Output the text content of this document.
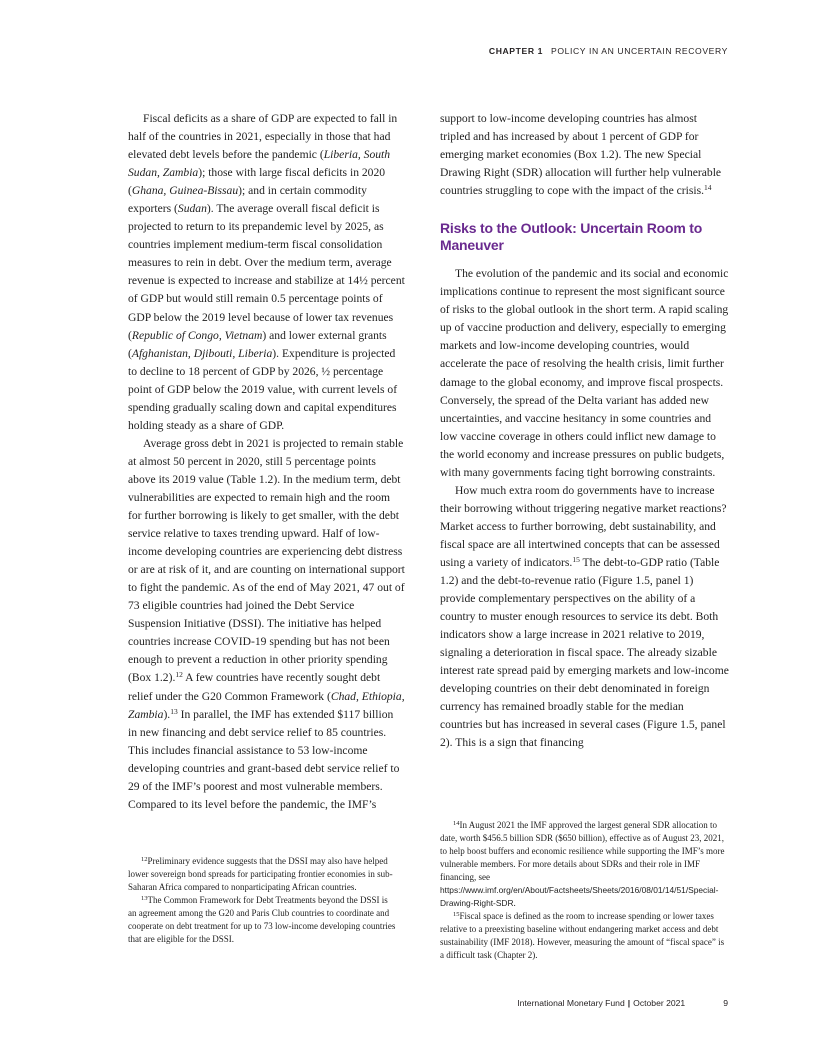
CHAPTER 1 POLICY IN AN UNCERTAIN RECOVERY

Fiscal deficits as a share of GDP are expected to fall in half of the countries in 2021, especially in those that had elevated debt levels before the pandemic (Liberia, South Sudan, Zambia); those with large fiscal deficits in 2020 (Ghana, Guinea-Bissau); and in certain commodity exporters (Sudan). The average overall fiscal deficit is projected to return to its prepandemic level by 2025, as countries implement medium-term fiscal consolidation measures to rein in debt. Over the medium term, average revenue is expected to increase and stabilize at 14½ percent of GDP but would still remain 0.5 percentage points of GDP below the 2019 level because of lower tax revenues (Republic of Congo, Vietnam) and lower external grants (Afghanistan, Djibouti, Liberia). Expenditure is projected to decline to 18 percent of GDP by 2026, ½ percentage point of GDP below the 2019 value, with current levels of spending gradually scaling down and capital expenditures holding steady as a share of GDP.

Average gross debt in 2021 is projected to remain stable at almost 50 percent in 2020, still 5 percentage points above its 2019 value (Table 1.2). In the medium term, debt vulnerabilities are expected to remain high and the room for further borrowing is likely to get smaller, with the debt service relative to taxes trending upward. Half of low-income developing countries are experiencing debt distress or are at risk of it, and are counting on international support to fight the pandemic. As of the end of May 2021, 47 out of 73 eligible countries had joined the Debt Service Suspension Initiative (DSSI). The initiative has helped countries increase COVID-19 spending but has not been enough to prevent a reduction in other priority spending (Box 1.2).$^{12}$ A few countries have recently sought debt relief under the G20 Common Framework (Chad, Ethiopia, Zambia).$^{13}$ In parallel, the IMF has extended $117 billion in new financing and debt service relief to 85 countries. This includes financial assistance to 53 low-income developing countries and grant-based debt service relief to 29 of the IMF’s poorest and most vulnerable members. Compared to its level before the pandemic, the IMF’s

support to low-income developing countries has almost tripled and has increased by about 1 percent of GDP for emerging market economies (Box 1.2). The new Special Drawing Right (SDR) allocation will further help vulnerable countries struggling to cope with the impact of the crisis.$^{14}$

Risks to the Outlook: Uncertain Room to Maneuver

The evolution of the pandemic and its social and economic implications continue to represent the most significant source of risks to the global outlook in the short term. A rapid scaling up of vaccine production and delivery, especially to emerging markets and low-income developing countries, would accelerate the pace of resolving the health crisis, limit further damage to the global economy, and improve fiscal prospects. Conversely, the spread of the Delta variant has added new uncertainties, and vaccine hesitancy in some countries and low vaccine coverage in others could inflict new damage to the world economy and increase pressures on public budgets, with many governments facing tight borrowing constraints.

How much extra room do governments have to increase their borrowing without triggering negative market reactions? Market access to further borrowing, debt sustainability, and fiscal space are all intertwined concepts that can be assessed using a variety of indicators.$^{15}$ The debt-to-GDP ratio (Table 1.2) and the debt-to-revenue ratio (Figure 1.5, panel 1) provide complementary perspectives on the ability of a country to muster enough resources to service its debt. Both indicators show a large increase in 2021 relative to 2019, signaling a deterioration in fiscal space. The already sizable interest rate spread paid by emerging markets and low-income developing countries on their debt denominated in foreign currency has remained broadly stable for the median countries but has increased in several cases (Figure 1.5, panel 2). This is a sign that financing

$^{12}$Preliminary evidence suggests that the DSSI may also have helped lower sovereign bond spreads for participating frontier economies in sub-Saharan Africa compared to nonparticipating African countries.

$^{13}$The Common Framework for Debt Treatments beyond the DSSI is an agreement among the G20 and Paris Club countries to coordinate and cooperate on debt treatment for up to 73 low-income developing countries that are eligible for the DSSI.

$^{14}$In August 2021 the IMF approved the largest general SDR allocation to date, worth $456.5 billion SDR ($650 billion), effective as of August 23, 2021, to help boost buffers and economic resilience while supporting the IMF’s more vulnerable members. For more details about SDRs and their role in IMF financing, see https://www.imf.org/en/About/Factsheets/Sheets/2016/08/01/14/51/Special-Drawing-Right-SDR.

$^{15}$Fiscal space is defined as the room to increase spending or lower taxes relative to a preexisting baseline without endangering market access and debt sustainability (IMF 2018). However, measuring the amount of “fiscal space” is a difficult task (Chapter 2).

International Monetary Fund | October 2021	9
